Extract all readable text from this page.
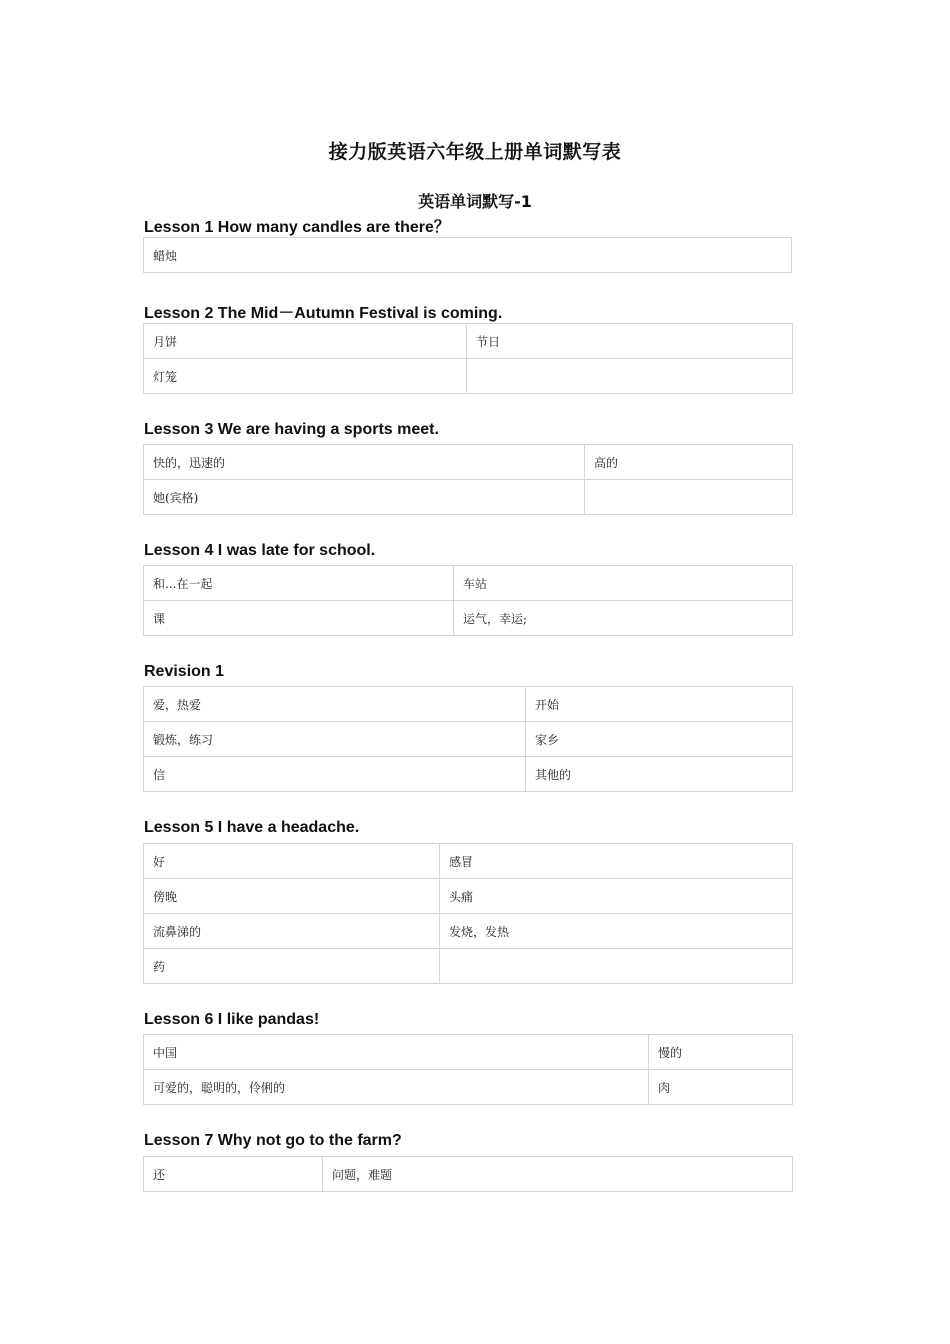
接力版英语六年级上册单词默写表
英语单词默写-1
Lesson 1 How many candles are there？
蜡烛
Lesson 2 The Mid－Autumn Festival is coming.
月饼	节日
灯笼	
Lesson 3 We are having a sports meet.
快的，迅速的	高的
她(宾格)	
Lesson 4 I was late for school.
和...在一起	车站
课	运气，幸运;
Revision 1
爱，热爱	开始
锻炼，练习	家乡
信	其他的
Lesson 5 I have a headache.
好	感冒
傍晚	头痛
流鼻涕的	发烧，发热
药	
Lesson 6 I like pandas!
中国	慢的
可爱的，聪明的，伶俐的	肉
Lesson 7 Why not go to the farm?
还	问题，难题
